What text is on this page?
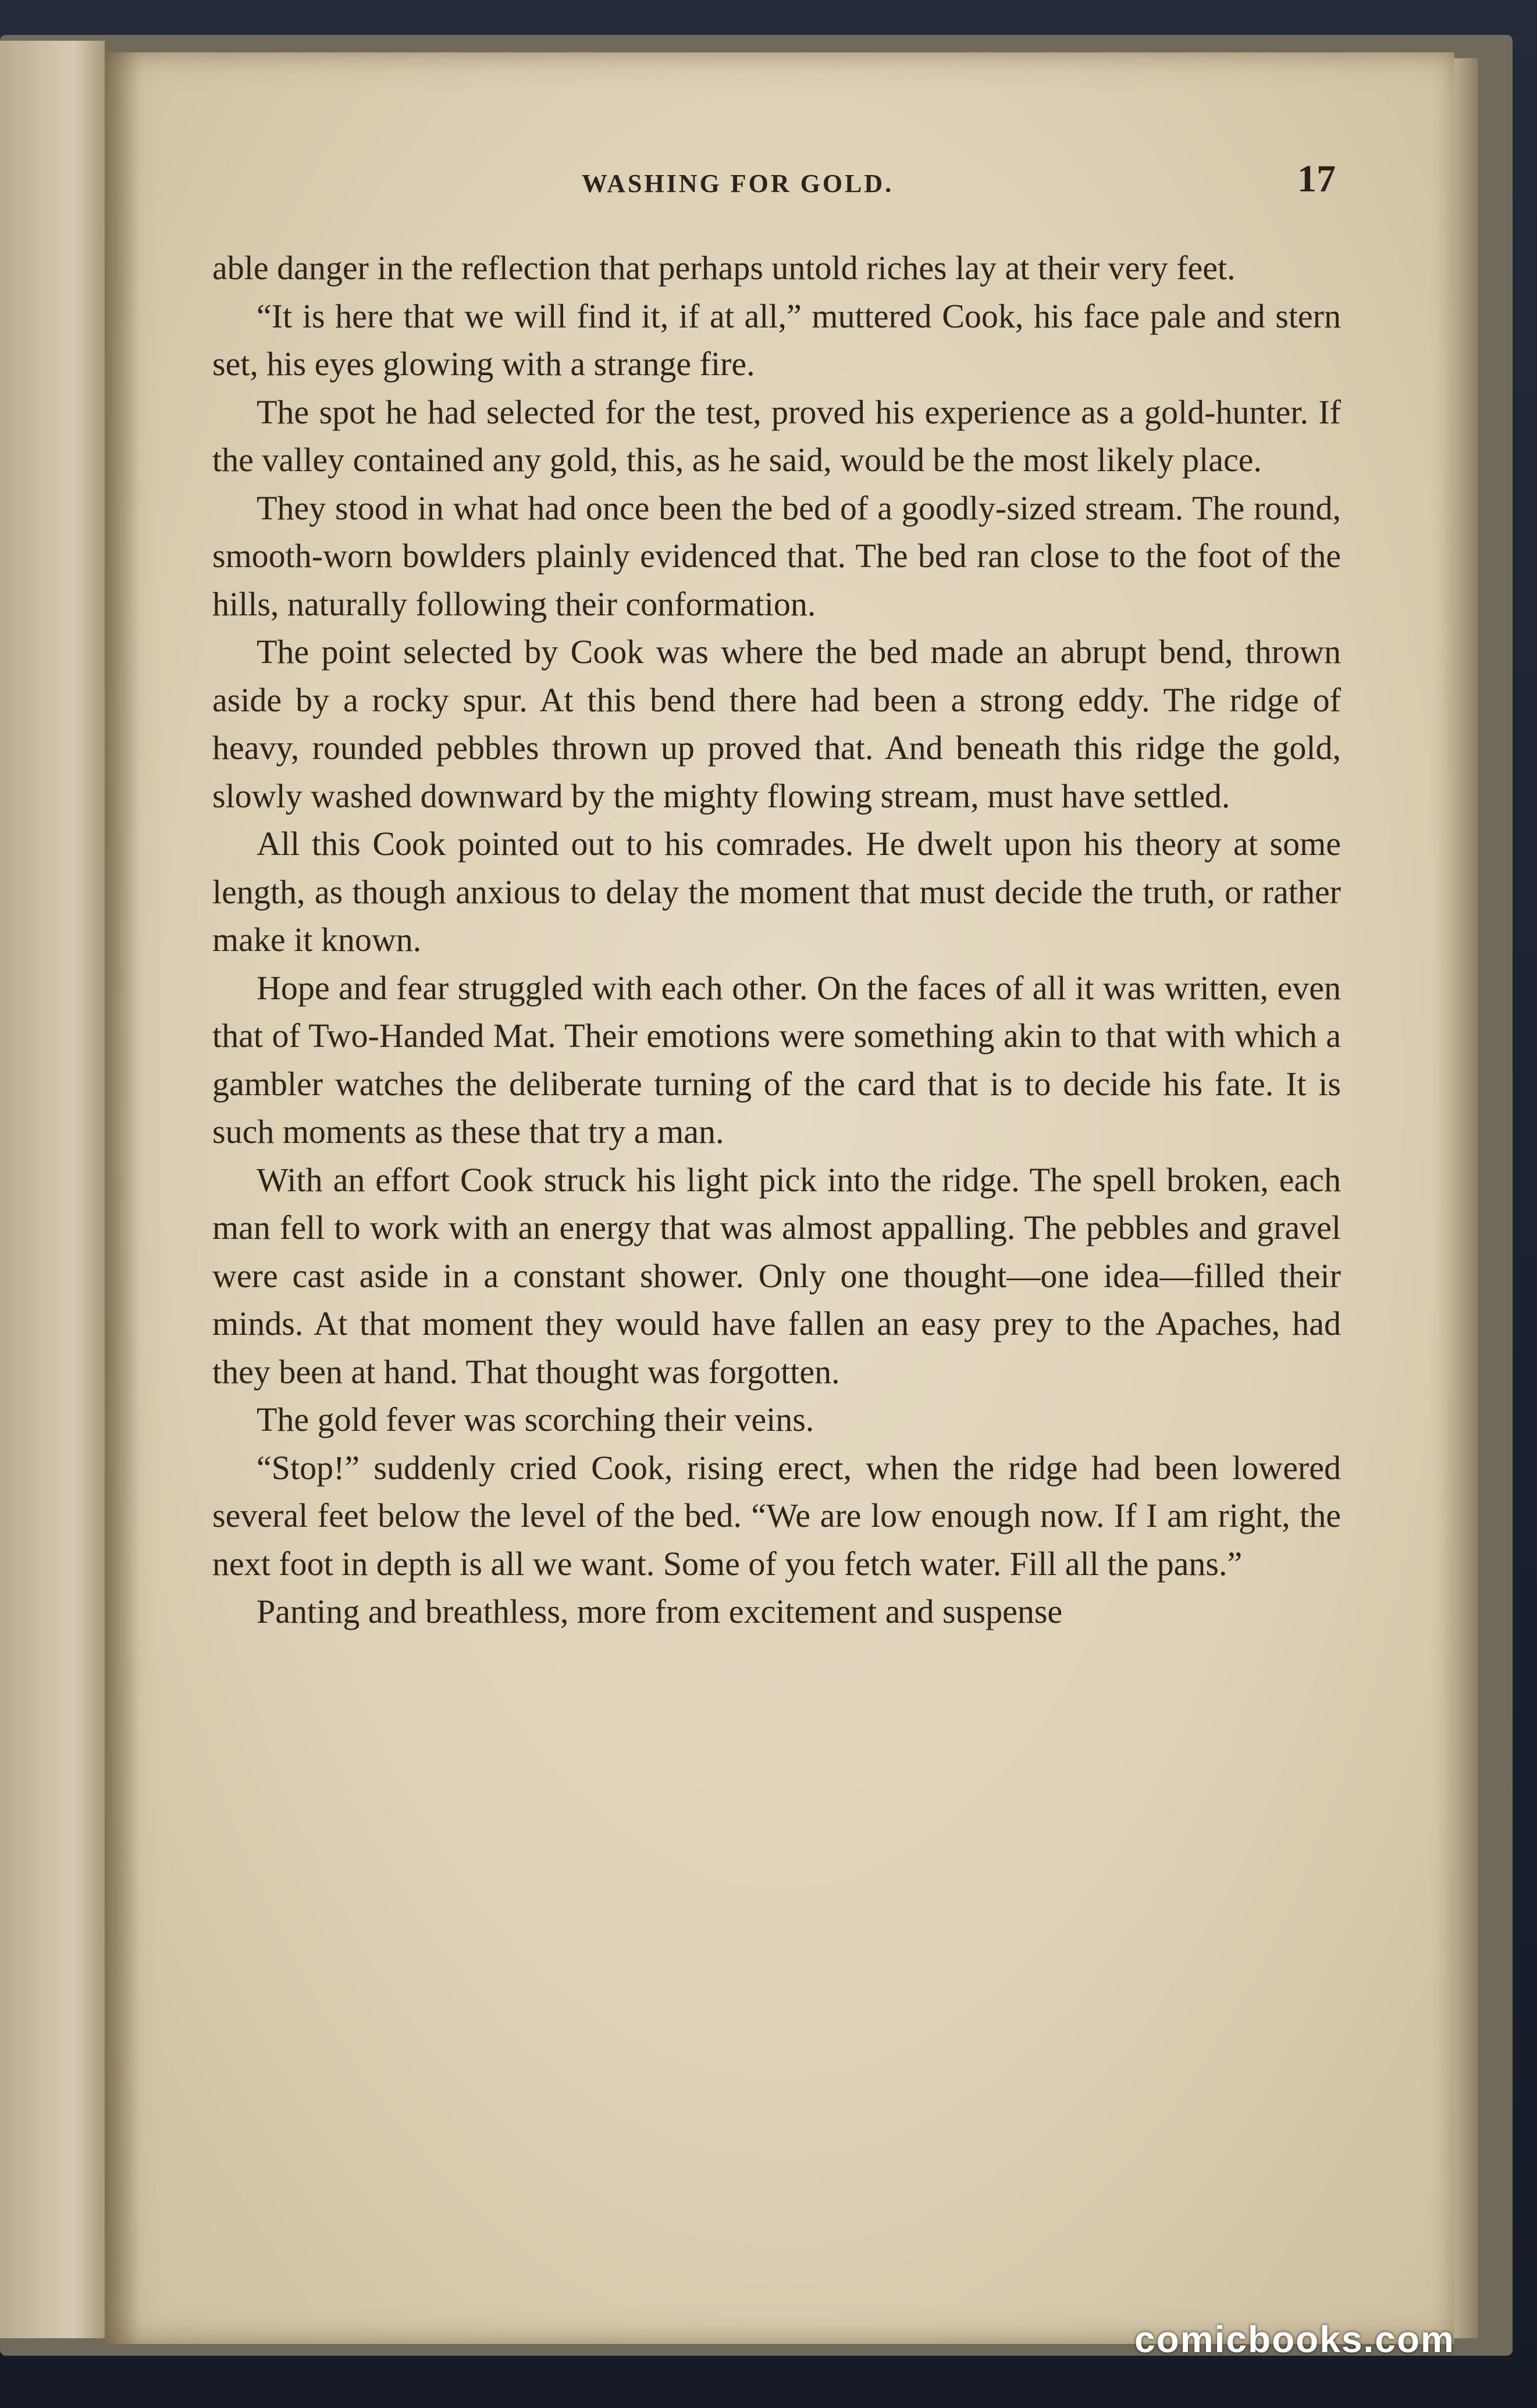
WASHING FOR GOLD.	17

able danger in the reflection that perhaps untold riches lay at their very feet.

“It is here that we will find it, if at all,” muttered Cook, his face pale and stern set, his eyes glowing with a strange fire.

The spot he had selected for the test, proved his experience as a gold-hunter. If the valley contained any gold, this, as he said, would be the most likely place.

They stood in what had once been the bed of a goodly-sized stream. The round, smooth-worn bowlders plainly evidenced that. The bed ran close to the foot of the hills, naturally following their conformation.

The point selected by Cook was where the bed made an abrupt bend, thrown aside by a rocky spur. At this bend there had been a strong eddy. The ridge of heavy, rounded pebbles thrown up proved that. And beneath this ridge the gold, slowly washed downward by the mighty flowing stream, must have settled.

All this Cook pointed out to his comrades. He dwelt upon his theory at some length, as though anxious to delay the moment that must decide the truth, or rather make it known.

Hope and fear struggled with each other. On the faces of all it was written, even that of Two-Handed Mat. Their emotions were something akin to that with which a gambler watches the deliberate turning of the card that is to decide his fate. It is such moments as these that try a man.

With an effort Cook struck his light pick into the ridge. The spell broken, each man fell to work with an energy that was almost appalling. The pebbles and gravel were cast aside in a constant shower. Only one thought—one idea—filled their minds. At that moment they would have fallen an easy prey to the Apaches, had they been at hand. That thought was forgotten.

The gold fever was scorching their veins.

“Stop!” suddenly cried Cook, rising erect, when the ridge had been lowered several feet below the level of the bed. “We are low enough now. If I am right, the next foot in depth is all we want. Some of you fetch water. Fill all the pans.”

Panting and breathless, more from excitement and suspense

comicbooks.com
